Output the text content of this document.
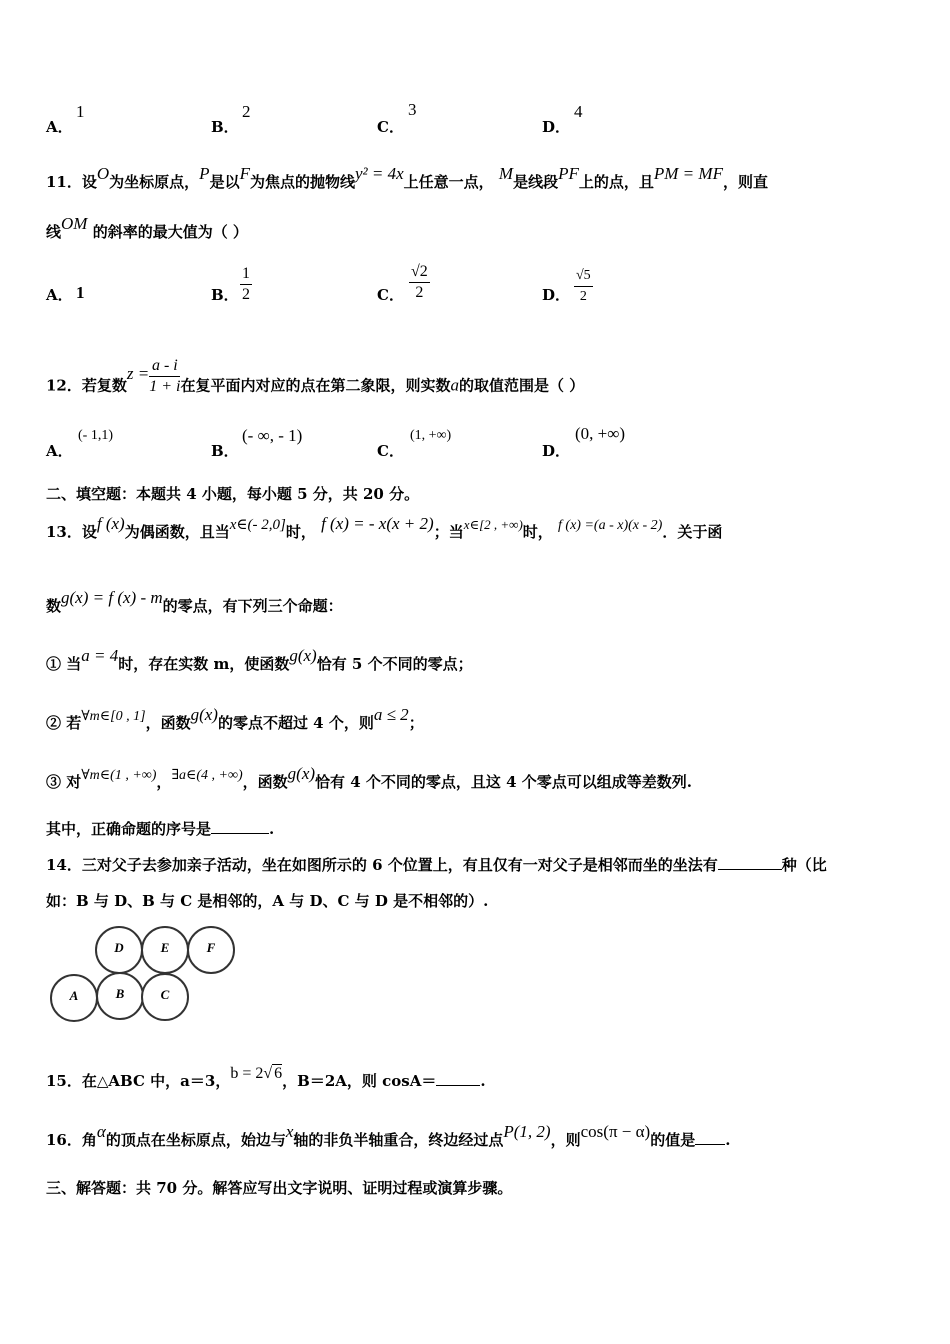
A．
1
B．
2
C．
3
D．
4
11．设O为坐标原点，P是以F为焦点的抛物线y² = 4x上任意一点， M是线段PF上的点，且PM = MF，则直
线OM 的斜率的最大值为（ ）
A． 1	B． $\frac{1}{2}$	C． $\frac{√2}{2}$	D． $\frac{√5}{2}$
12．若复数$z = \frac{a - i}{1 + i}$ 在复平面内对应的点在第二象限，则实数a的取值范围是（ ）
A．
(- 1,1)
B．
(- ∞, - 1)
C．
(1, +∞)
D．
(0, +∞)
二、填空题：本题共 4 小题，每小题 5 分，共 20 分。
13．设f (x)为偶函数，且当x∈(- 2,0]时， f (x) = - x(x + 2)；当x∈[2 , +∞)时， f (x) =(a - x)(x - 2)．关于函
数g(x) = f (x) - m的零点，有下列三个命题：
① 当a = 4时，存在实数 m，使函数g(x)恰有 5 个不同的零点；
② 若∀m∈[0 , 1]，函数g(x)的零点不超过 4 个，则a ≤ 2；
③ 对∀m∈(1 , +∞)，∃a∈(4 , +∞)，函数g(x)恰有 4 个不同的零点，且这 4 个零点可以组成等差数列.
其中，正确命题的序号是	.
14．三对父子去参加亲子活动，坐在如图所示的 6 个位置上，有且仅有一对父子是相邻而坐的坐法有	种（比
如：B 与 D、B 与 C 是相邻的，A 与 D、C 与 D 是不相邻的）.
D	E	F
A	B	C
15．在△ABC 中，a＝3，b = 2√ 6，B＝2A，则 cosA＝	.
16．角α的顶点在坐标原点，始边与x轴的非负半轴重合，终边经过点P(1, 2)，则cos(π − α)的值是 .
三、解答题：共 70 分。解答应写出文字说明、证明过程或演算步骤。
